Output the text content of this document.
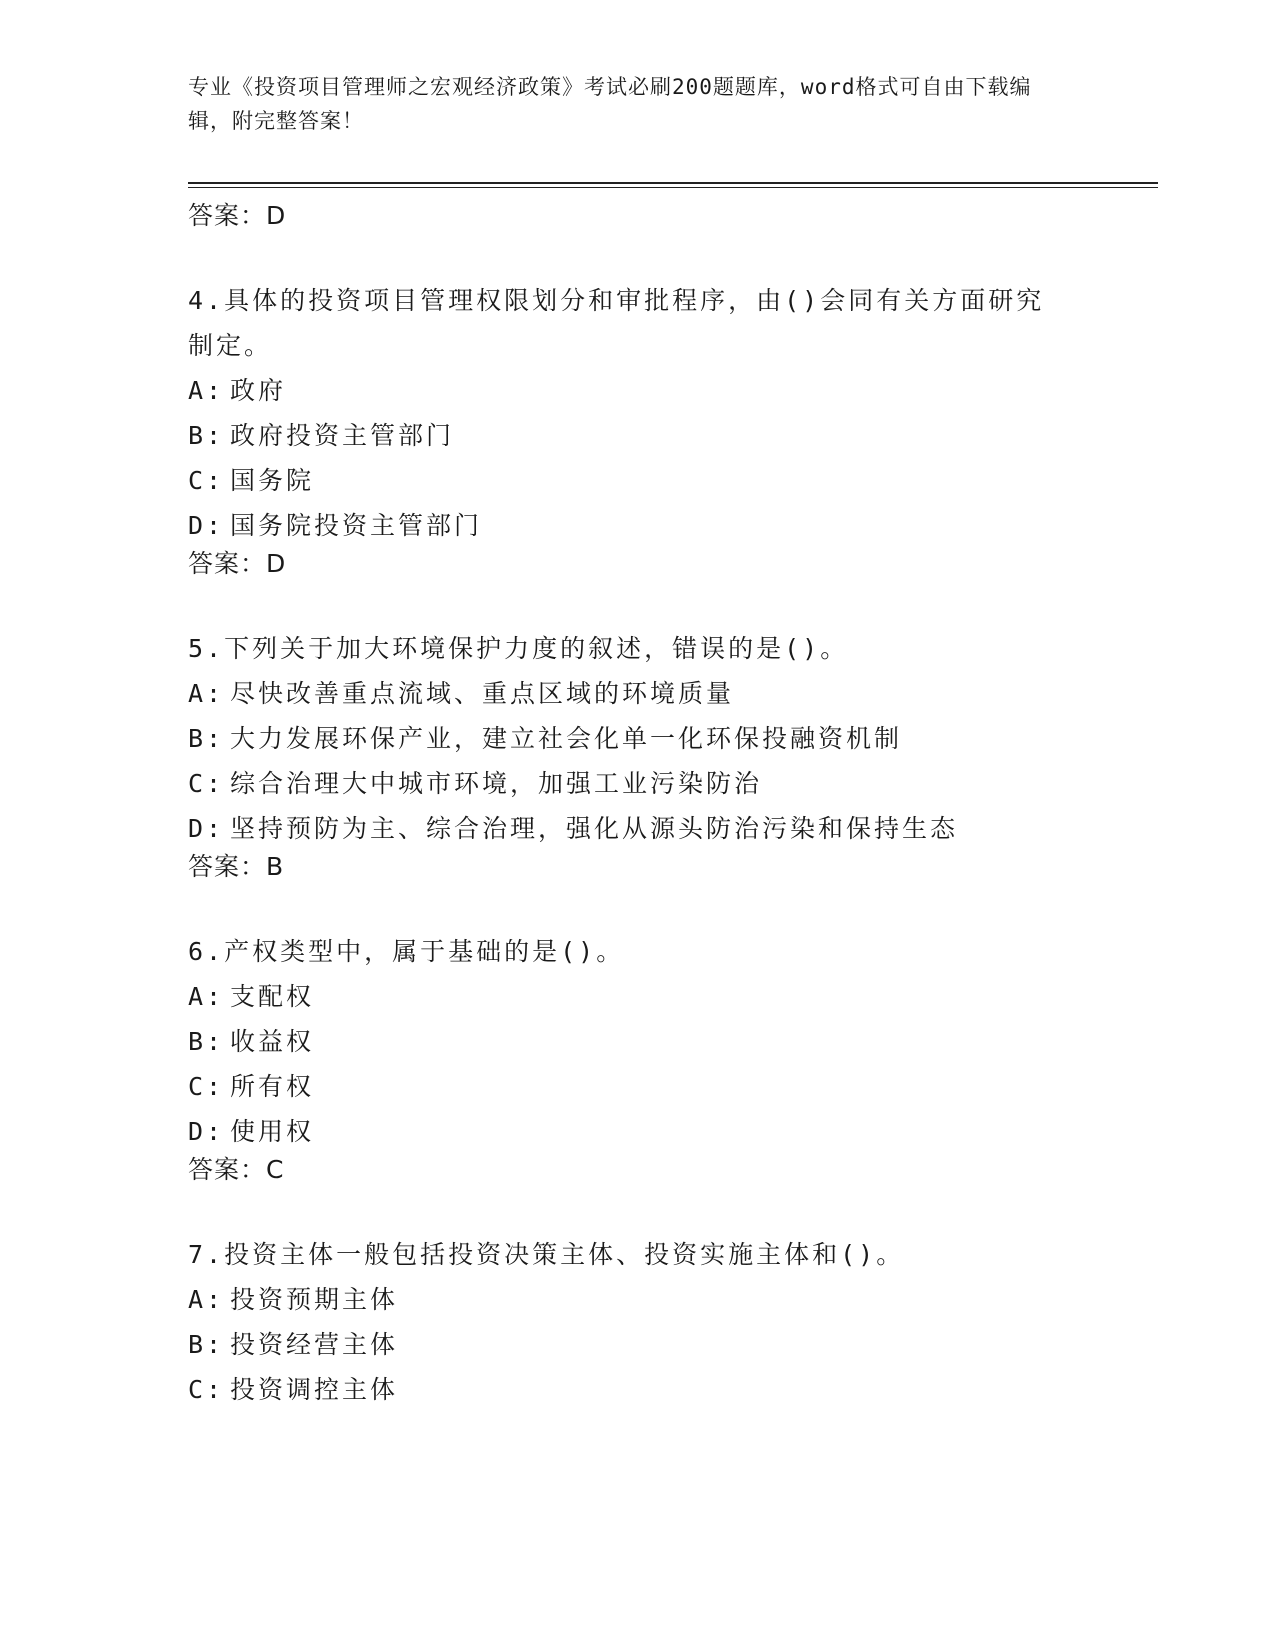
专业《投资项目管理师之宏观经济政策》考试必刷200题题库，word格式可自由下载编辑，附完整答案！

答案：D
4.具体的投资项目管理权限划分和审批程序，由()会同有关方面研究制定。
A: 政府
B: 政府投资主管部门
C: 国务院
D: 国务院投资主管部门
答案：D
5.下列关于加大环境保护力度的叙述，错误的是()。
A: 尽快改善重点流域、重点区域的环境质量
B: 大力发展环保产业，建立社会化单一化环保投融资机制
C: 综合治理大中城市环境，加强工业污染防治
D: 坚持预防为主、综合治理，强化从源头防治污染和保持生态
答案：B
6.产权类型中，属于基础的是()。
A: 支配权
B: 收益权
C: 所有权
D: 使用权
答案：C
7.投资主体一般包括投资决策主体、投资实施主体和()。
A: 投资预期主体
B: 投资经营主体
C: 投资调控主体
